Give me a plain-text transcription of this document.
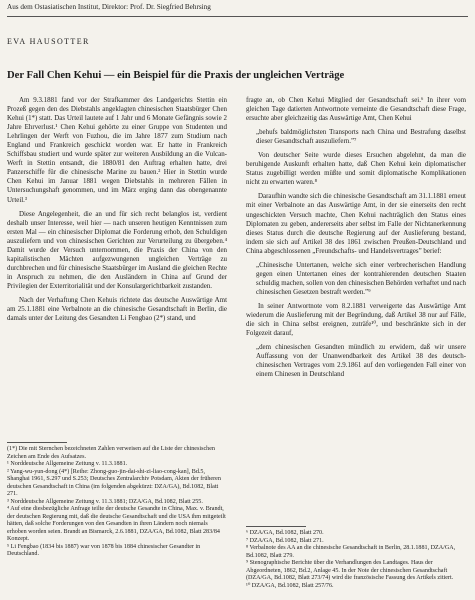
Aus dem Ostasiatischen Institut, Direktor: Prof. Dr. Siegfried Behrsing
EVA HAUSOTTER
Der Fall Chen Kehui — ein Beispiel für die Praxis der ungleichen Verträge

Am 9.3.1881 fand vor der Strafkammer des Landgerichts Stettin ein Prozeß gegen den des Diebstahls angeklagten chinesischen Staatsbürger Chen Kehui (1*) statt. Das Urteil lautete auf 1 Jahr und 6 Monate Gefängnis sowie 2 Jahre Ehrverlust.¹ Chen Kehui gehörte zu einer Gruppe von Studenten und Lehrlingen der Werft von Fuzhou, die im Jahre 1877 zum Studium nach England und Frankreich geschickt worden war. Er hatte in Frankreich Schiffsbau studiert und wurde später zur weiteren Ausbildung an die Vulcan-Werft in Stettin entsandt, die 1880/81 den Auftrag erhalten hatte, drei Panzerschiffe für die chinesische Marine zu bauen.² Hier in Stettin wurde Chen Kehui im Januar 1881 wegen Diebstahls in mehreren Fällen in Untersuchungshaft genommen, und im März erging dann das obengenannte Urteil.³

Diese Angelegenheit, die an und für sich recht belanglos ist, verdient deshalb unser Interesse, weil hier — nach unseren heutigen Kenntnissen zum ersten Mal — ein chinesischer Diplomat die Forderung erhob, den Schuldigen auszuliefern und von chinesischen Gerichten zur Verurteilung zu übergeben.⁴ Damit wurde der Versuch unternommen, die Praxis der China von den kapitalistischen Mächten aufgezwungenen ungleichen Verträge zu durchbrechen und für chinesische Staatsbürger im Ausland die gleichen Rechte in Anspruch zu nehmen, die den Ausländern in China auf Grund der Privilegien der Exterritorialität und der Konsulargerichtbarkeit zustanden.

Nach der Verhaftung Chen Kehuis richtete das deutsche Auswärtige Amt am 25.1.1881 eine Verbalnote an die chinesische Gesandtschaft in Berlin, die damals unter der Leitung des Gesandten Li Fengbao (2*) stand, und

(1*) Die mit Sternchen bezeichneten Zahlen verweisen auf die Liste der chinesischen Zeichen am Ende des Aufsatzes.

¹ Norddeutsche Allgemeine Zeitung v. 11.3.1881.

² Yang-wu-yun-dong (4*) [Reihe: Zhong-guo-jin-dai-shi-zi-liao-cong-kan], Bd.5, Shanghai 1961, S.297 und S.253; Deutsches Zentralarchiv Potsdam, Akten der früheren deutschen Gesandtschaft in China (im folgenden abgekürzt: DZA/GA), Bd.1082, Blatt 271.

³ Norddeutsche Allgemeine Zeitung v. 11.3.1881; DZA/GA, Bd.1082, Blatt 255.

⁴ Auf eine diesbezügliche Anfrage teilte der deutsche Gesandte in China, Max. v. Brandt, der deutschen Regierung mit, daß die deutsche Gesandtschaft und die USA ihm mitgeteilt hätten, daß solche Forderungen von den Gesandten in ihren Ländern noch niemals erhoben worden seien. Brandt an Bismarck, 2.6.1881, DZA/GA, Bd.1082, Blatt 283/84 Konzept.

⁵ Li Fengbao (1834 bis 1887) war von 1878 bis 1884 chinesischer Gesandter in Deutschland.

fragte an, ob Chen Kehui Mitglied der Gesandtschaft sei.⁶ In ihrer vom gleichen Tage datierten Antwortnote verneinte die Gesandtschaft diese Frage, ersuchte aber gleichzeitig das Auswärtige Amt, Chen Kehui

„behufs baldmöglichsten Transports nach China und Bestrafung daselbst dieser Gesandtschaft auszuliefern.”⁷

Von deutscher Seite wurde dieses Ersuchen abgelehnt, da man die beruhigende Auskunft erhalten hatte, daß Chen Kehui kein diplomatischer Status zugebilligt werden müßte und somit diplomatische Komplikationen nicht zu erwarten waren.⁸

Daraufhin wandte sich die chinesische Gesandtschaft am 31.1.1881 erneut mit einer Verbalnote an das Auswärtige Amt, in der sie einerseits den recht ungeschickten Versuch machte, Chen Kehui nachträglich den Status eines Diplomaten zu geben, andererseits aber selbst im Falle der Nichtanerkennung dieses Status durch die deutsche Regierung auf der Auslieferung bestand, indem sie sich auf Artikel 38 des 1861 zwischen Preußen-Deutschland und China abgeschlossenen „Freundschafts- und Handelsvertrages” berief:

„Chinesische Untertanen, welche sich einer verbrecherischen Handlung gegen einen Untertanen eines der kontrahierenden deutschen Staaten schuldig machen, sollen von den chinesischen Behörden verhaftet und nach chinesischen Gesetzen bestraft werden.”⁹

In seiner Antwortnote vom 8.2.1881 verweigerte das Auswärtige Amt wiederum die Auslieferung mit der Begründung, daß Artikel 38 nur auf Fälle, die sich in China selbst ereignen, zuträfe¹⁰, und beschränkte sich in der Folgezeit darauf,

„dem chinesischen Gesandten mündlich zu erwidern, daß wir unsere Auffassung von der Unanwendbarkeit des Artikel 38 des deutsch-chinesischen Vertrages vom 2.9.1861 auf den vorliegenden Fall einer von einem Chinesen in Deutschland

⁶ DZA/GA, Bd.1082, Blatt 270.

⁷ DZA/GA, Bd.1082, Blatt 271.

⁸ Verbalnote des AA an die chinesische Gesandtschaft in Berlin, 28.1.1881, DZA/GA, Bd.1082, Blatt 279.

⁹ Stenographische Berichte über die Verhandlungen des Landtages. Haus der Abgeordneten, 1862, Bd.2, Anlage 45. In der Note der chinesischen Gesandtschaft (DZA/GA, Bd.1082, Blatt 273/74) wird die französische Fassung des Artikels zitiert.

¹⁰ DZA/GA, Bd.1082, Blatt 257/76.
